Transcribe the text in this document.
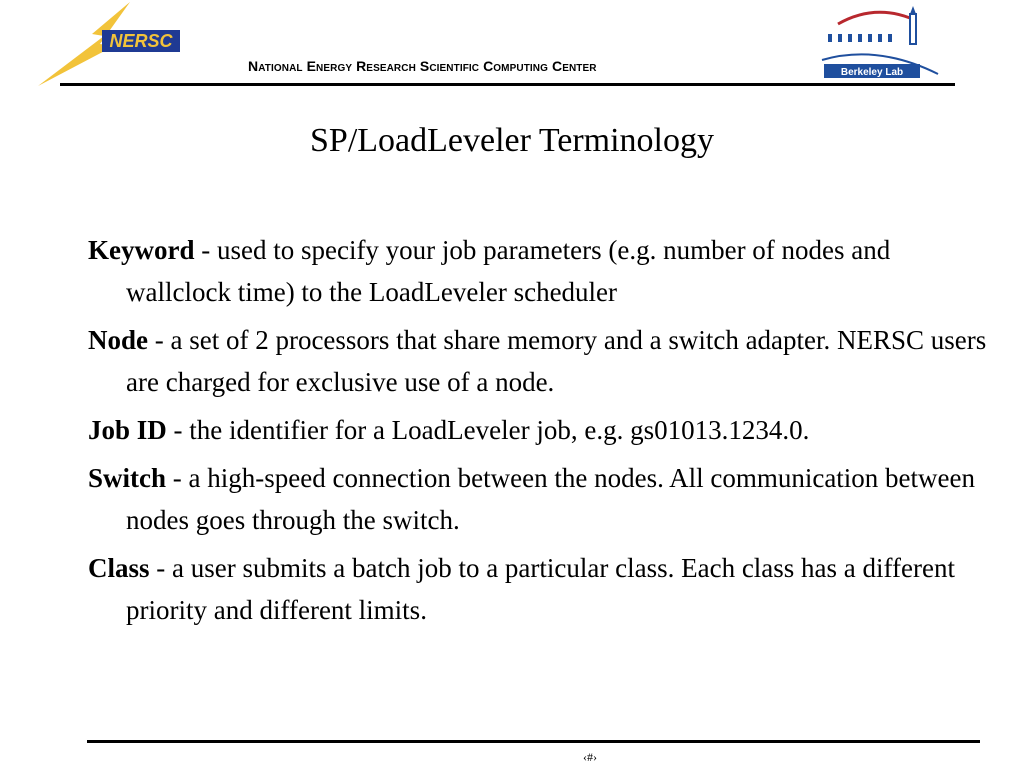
NERSC
Berkeley Lab
National Energy Research Scientific Computing Center
SP/LoadLeveler Terminology

Keyword - used to specify your job parameters (e.g. number of nodes and wallclock time) to the LoadLeveler scheduler

Node - a set of 2 processors that share memory and a switch adapter. NERSC users are charged for exclusive use of a node.

Job ID - the identifier for a LoadLeveler job, e.g. gs01013.1234.0.

Switch - a high-speed connection between the nodes. All communication between nodes goes through the switch.

Class - a user submits a batch job to a particular class. Each class has a different priority and different limits.

‹#›
